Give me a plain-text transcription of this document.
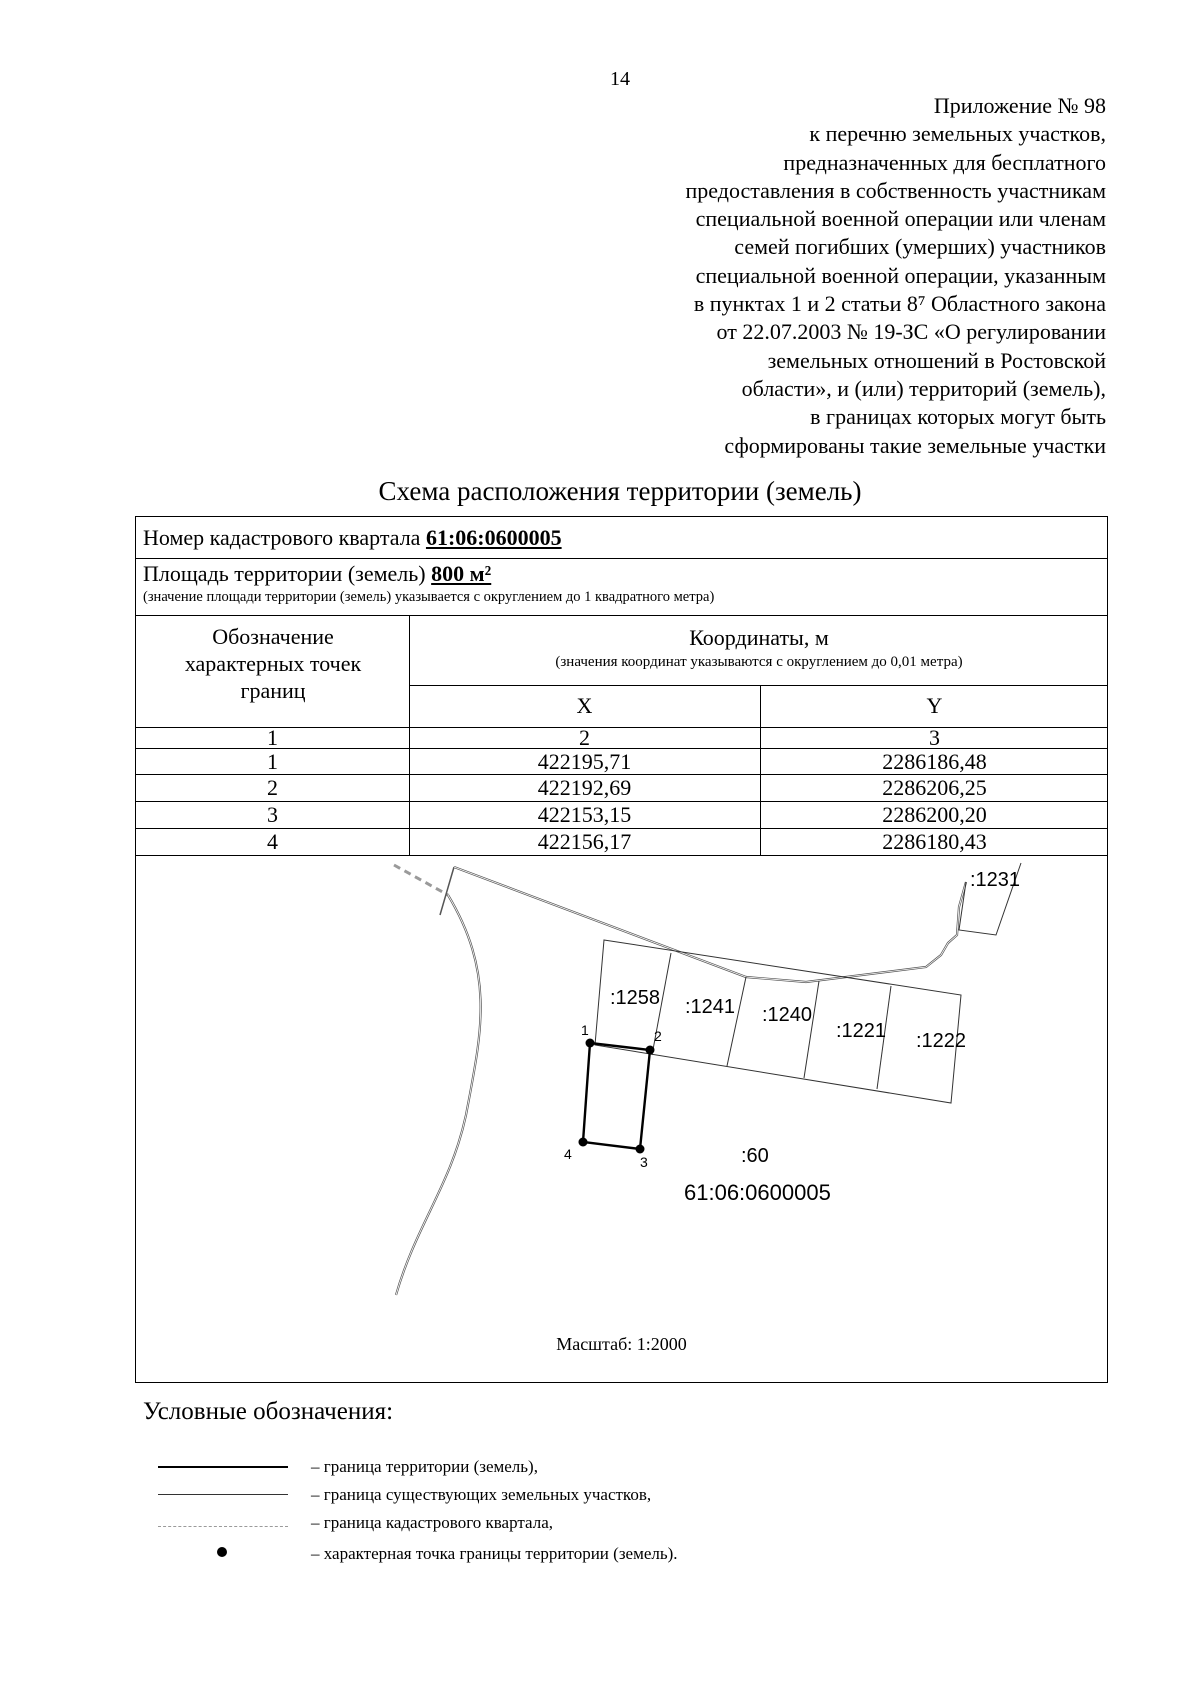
14
Приложение № 98
к перечню земельных участков,
предназначенных для бесплатного
предоставления в собственность участникам
специальной военной операции или членам
семей погибших (умерших) участников
специальной военной операции, указанным
в пунктах 1 и 2 статьи 8⁷ Областного закона
от 22.07.2003 № 19-ЗС «О регулировании
земельных отношений в Ростовской
области», и (или) территорий (земель),
в границах которых могут быть
сформированы такие земельные участки
Схема расположения территории (земель)
Номер кадастрового квартала 61:06:0600005
Площадь территории (земель) 800 м²
(значение площади территории (земель) указывается с округлением до 1 квадратного метра)
Обозначение характерных точек границ
Координаты, м
(значения координат указываются с округлением до 0,01 метра)
X	Y
1	2	3
1	422195,71	2286186,48
2	422192,69	2286206,25
3	422153,15	2286200,20
4	422156,17	2286180,43
1	2
3
4
:1231
:1258 :1241 :1240
:1221 :1222
:60
61:06:0600005
Масштаб: 1:2000
Условные обозначения:
– граница территории (земель),
– граница существующих земельных участков,
– граница кадастрового квартала,
– характерная точка границы территории (земель).
